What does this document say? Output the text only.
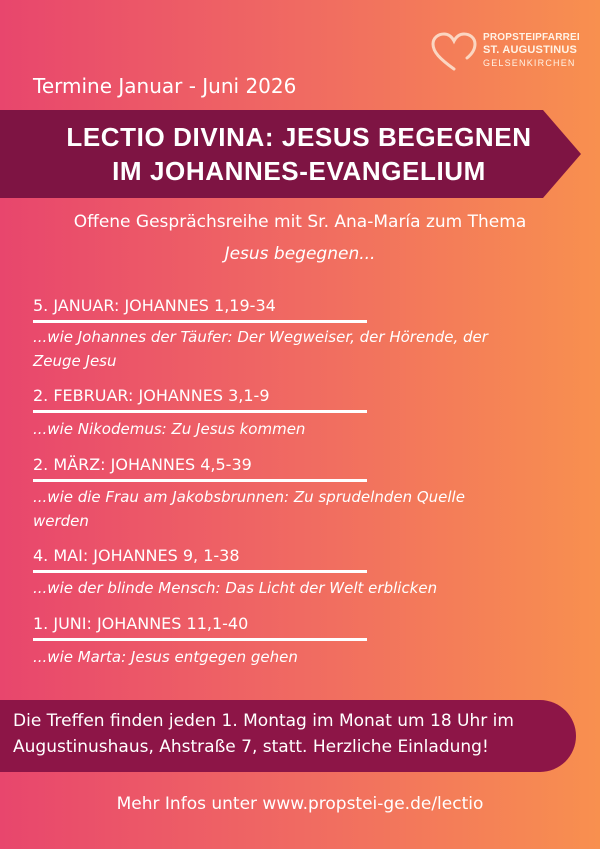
PROPSTEIPFARREI
ST. AUGUSTINUS
GELSENKIRCHEN
Termine Januar - Juni 2026
LECTIO DIVINA: JESUS BEGEGNEN
IM JOHANNES-EVANGELIUM
Offene Gesprächsreihe mit Sr. Ana-María zum Thema
Jesus begegnen...
5. JANUAR: JOHANNES 1,19-34
...wie Johannes der Täufer: Der Wegweiser, der Hörende, der
Zeuge Jesu
2. FEBRUAR: JOHANNES 3,1-9
...wie Nikodemus: Zu Jesus kommen
2. MÄRZ: JOHANNES 4,5-39
...wie die Frau am Jakobsbrunnen: Zu sprudelnden Quelle
werden
4. MAI: JOHANNES 9, 1-38
...wie der blinde Mensch: Das Licht der Welt erblicken
1. JUNI: JOHANNES 11,1-40
...wie Marta: Jesus entgegen gehen
Die Treffen finden jeden 1. Montag im Monat um 18 Uhr im
Augustinushaus, Ahstraße 7, statt. Herzliche Einladung!
Mehr Infos unter www.propstei-ge.de/lectio
